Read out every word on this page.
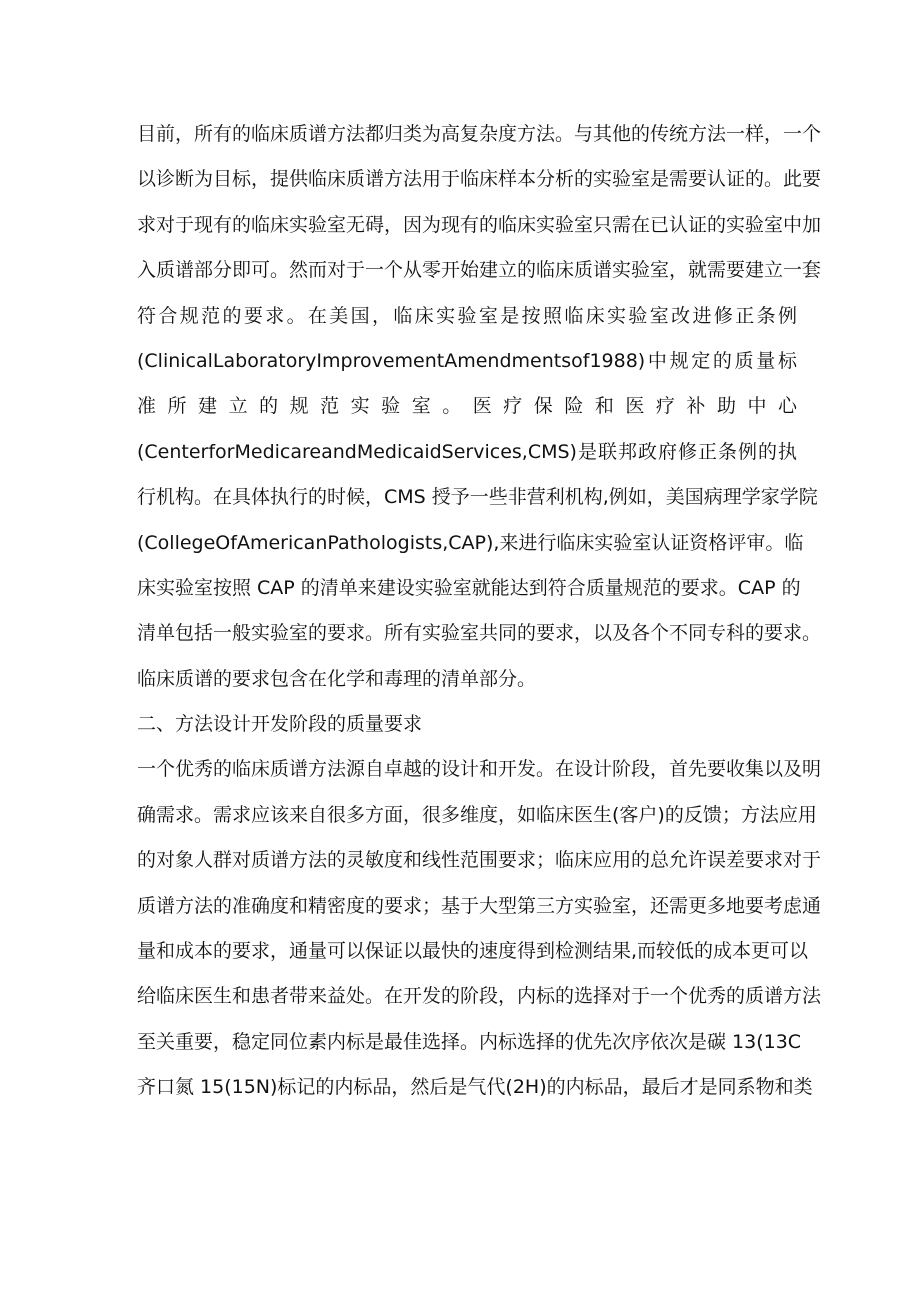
目前，所有的临床质谱方法都归类为高复杂度方法。与其他的传统方法一样，一个
以诊断为目标，提供临床质谱方法用于临床样本分析的实验室是需要认证的。此要
求对于现有的临床实验室无碍，因为现有的临床实验室只需在已认证的实验室中加
入质谱部分即可。然而对于一个从零开始建立的临床质谱实验室，就需要建立一套
符合规范的要求。在美国，临床实验室是按照临床实验室改进修正条例
(ClinicalLaboratoryImprovementAmendmentsof1988)中规定的质量标
准所建立的规范实验室。医疗保险和医疗补助中心
(CenterforMedicareandMedicaidServices,CMS)是联邦政府修正条例的执
行机构。在具体执行的时候，CMS 授予一些非营利机构,例如，美国病理学家学院
(CollegeOfAmericanPathologists,CAP),来进行临床实验室认证资格评审。临
床实验室按照 CAP 的清单来建设实验室就能达到符合质量规范的要求。CAP 的
清单包括一般实验室的要求。所有实验室共同的要求，以及各个不同专科的要求。
临床质谱的要求包含在化学和毒理的清单部分。
二、方法设计开发阶段的质量要求
一个优秀的临床质谱方法源自卓越的设计和开发。在设计阶段，首先要收集以及明
确需求。需求应该来自很多方面，很多维度，如临床医生(客户)的反馈；方法应用
的对象人群对质谱方法的灵敏度和线性范围要求；临床应用的总允许误差要求对于
质谱方法的准确度和精密度的要求；基于大型第三方实验室，还需更多地要考虑通
量和成本的要求，通量可以保证以最快的速度得到检测结果,而较低的成本更可以
给临床医生和患者带来益处。在开发的阶段，内标的选择对于一个优秀的质谱方法
至关重要，稳定同位素内标是最佳选择。内标选择的优先次序依次是碳 13(13C
齐口氮 15(15N)标记的内标品，然后是气代(2H)的内标品，最后才是同系物和类
